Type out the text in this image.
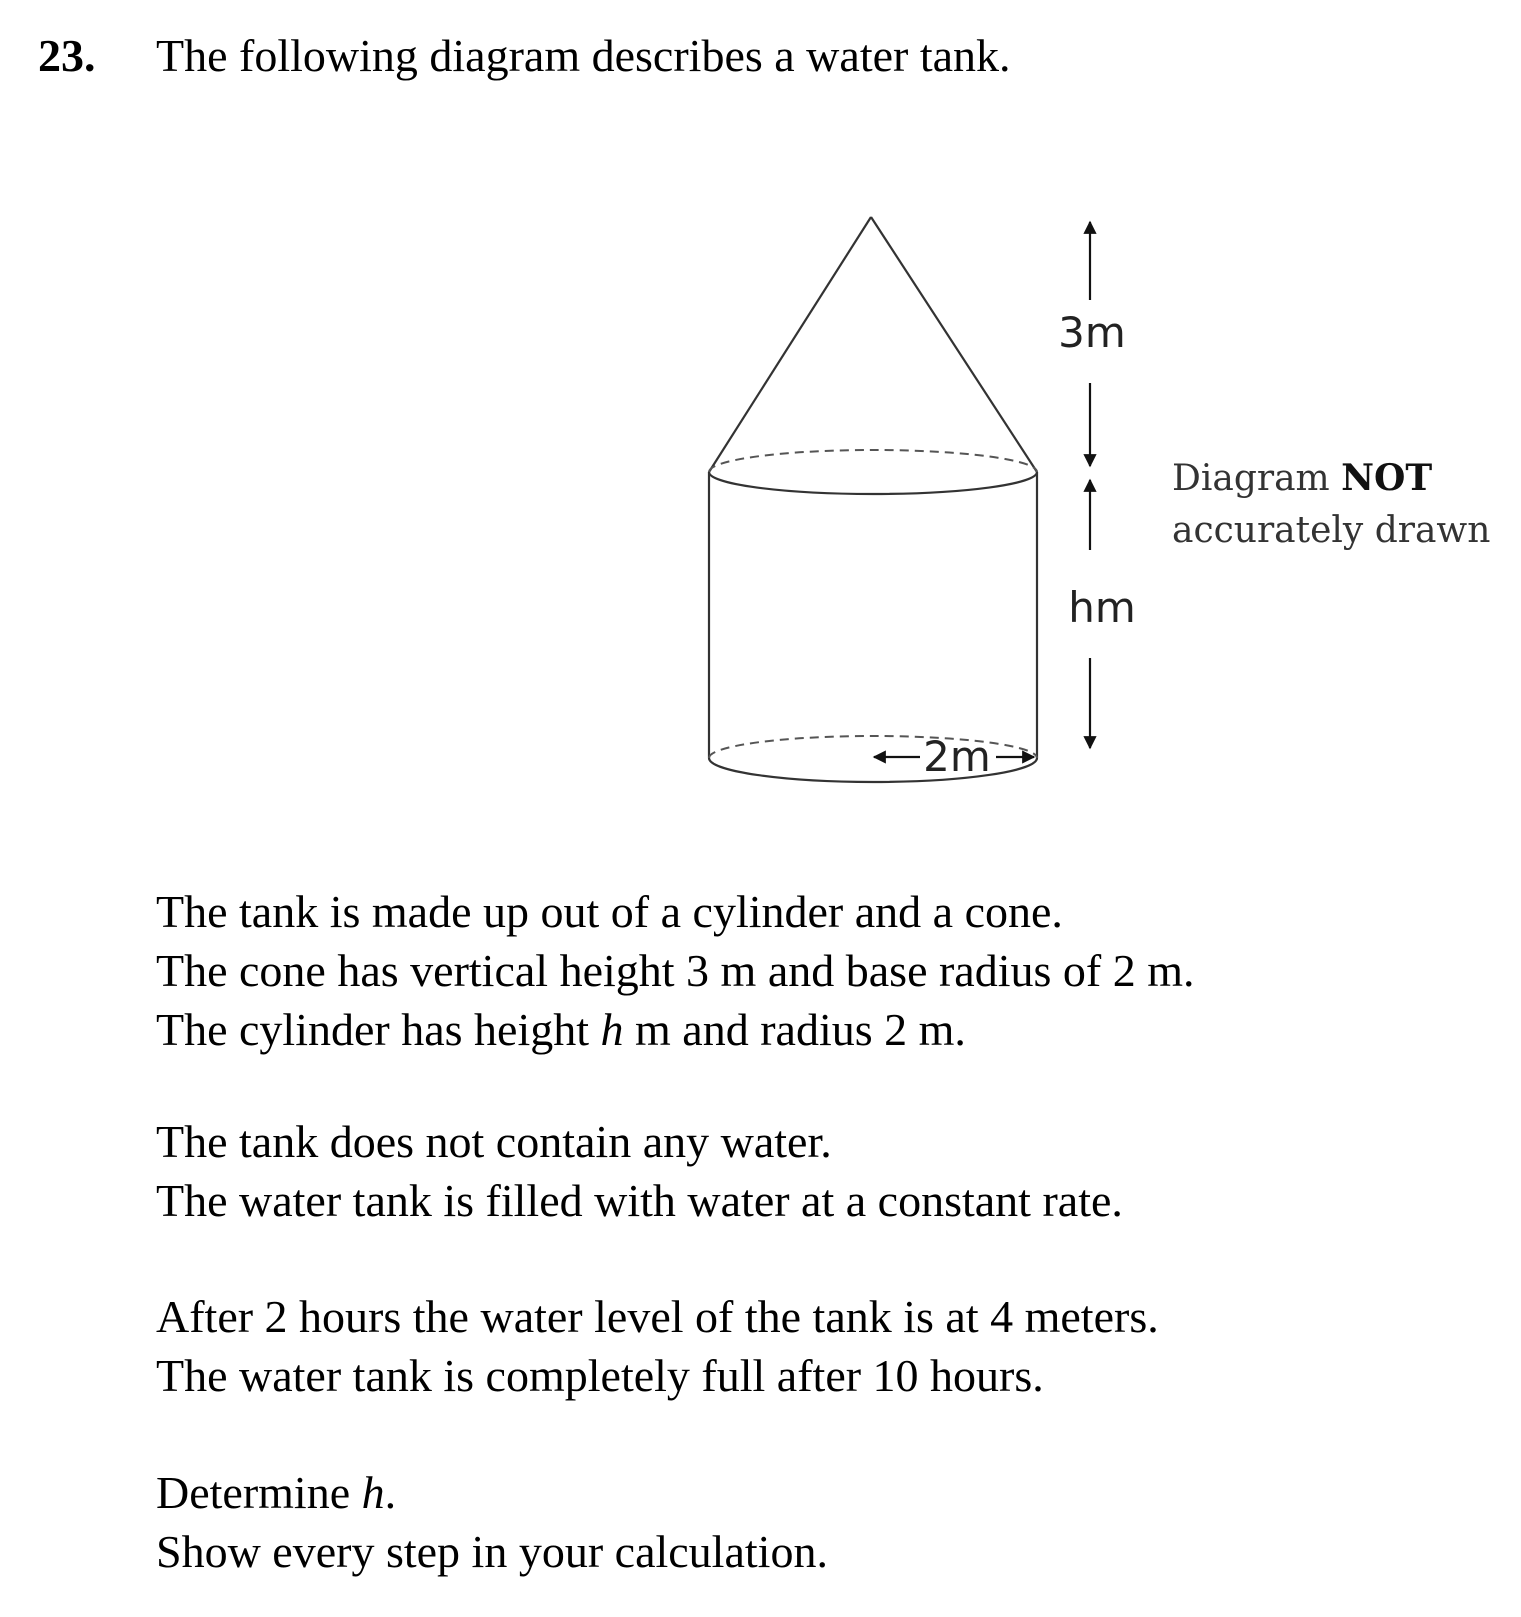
23. The following diagram describes a water tank.
3m
hm
2m
Diagram NOT
accurately drawn
The tank is made up out of a cylinder and a cone.
The cone has vertical height 3 m and base radius of 2 m.
The cylinder has height h m and radius 2 m.
The tank does not contain any water.
The water tank is filled with water at a constant rate.
After 2 hours the water level of the tank is at 4 meters.
The water tank is completely full after 10 hours.
Determine h.
Show every step in your calculation.
